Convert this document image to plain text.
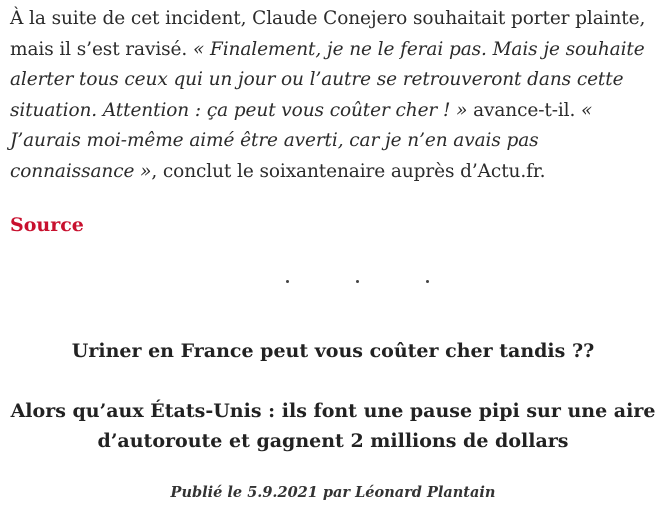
À la suite de cet incident, Claude Conejero souhaitait porter plainte, mais il s’est ravisé. « Finalement, je ne le ferai pas. Mais je souhaite alerter tous ceux qui un jour ou l’autre se retrouveront dans cette situation. Attention : ça peut vous coûter cher ! » avance-t-il. « J’aurais moi-même aimé être averti, car je n’en avais pas connaissance », conclut le soixantenaire auprès d’Actu.fr.

Source

Uriner en France peut vous coûter cher tandis ??

Alors qu’aux États-Unis : ils font une pause pipi sur une aire
d’autoroute et gagnent 2 millions de dollars

Publié le 5.9.2021 par Léonard Plantain
